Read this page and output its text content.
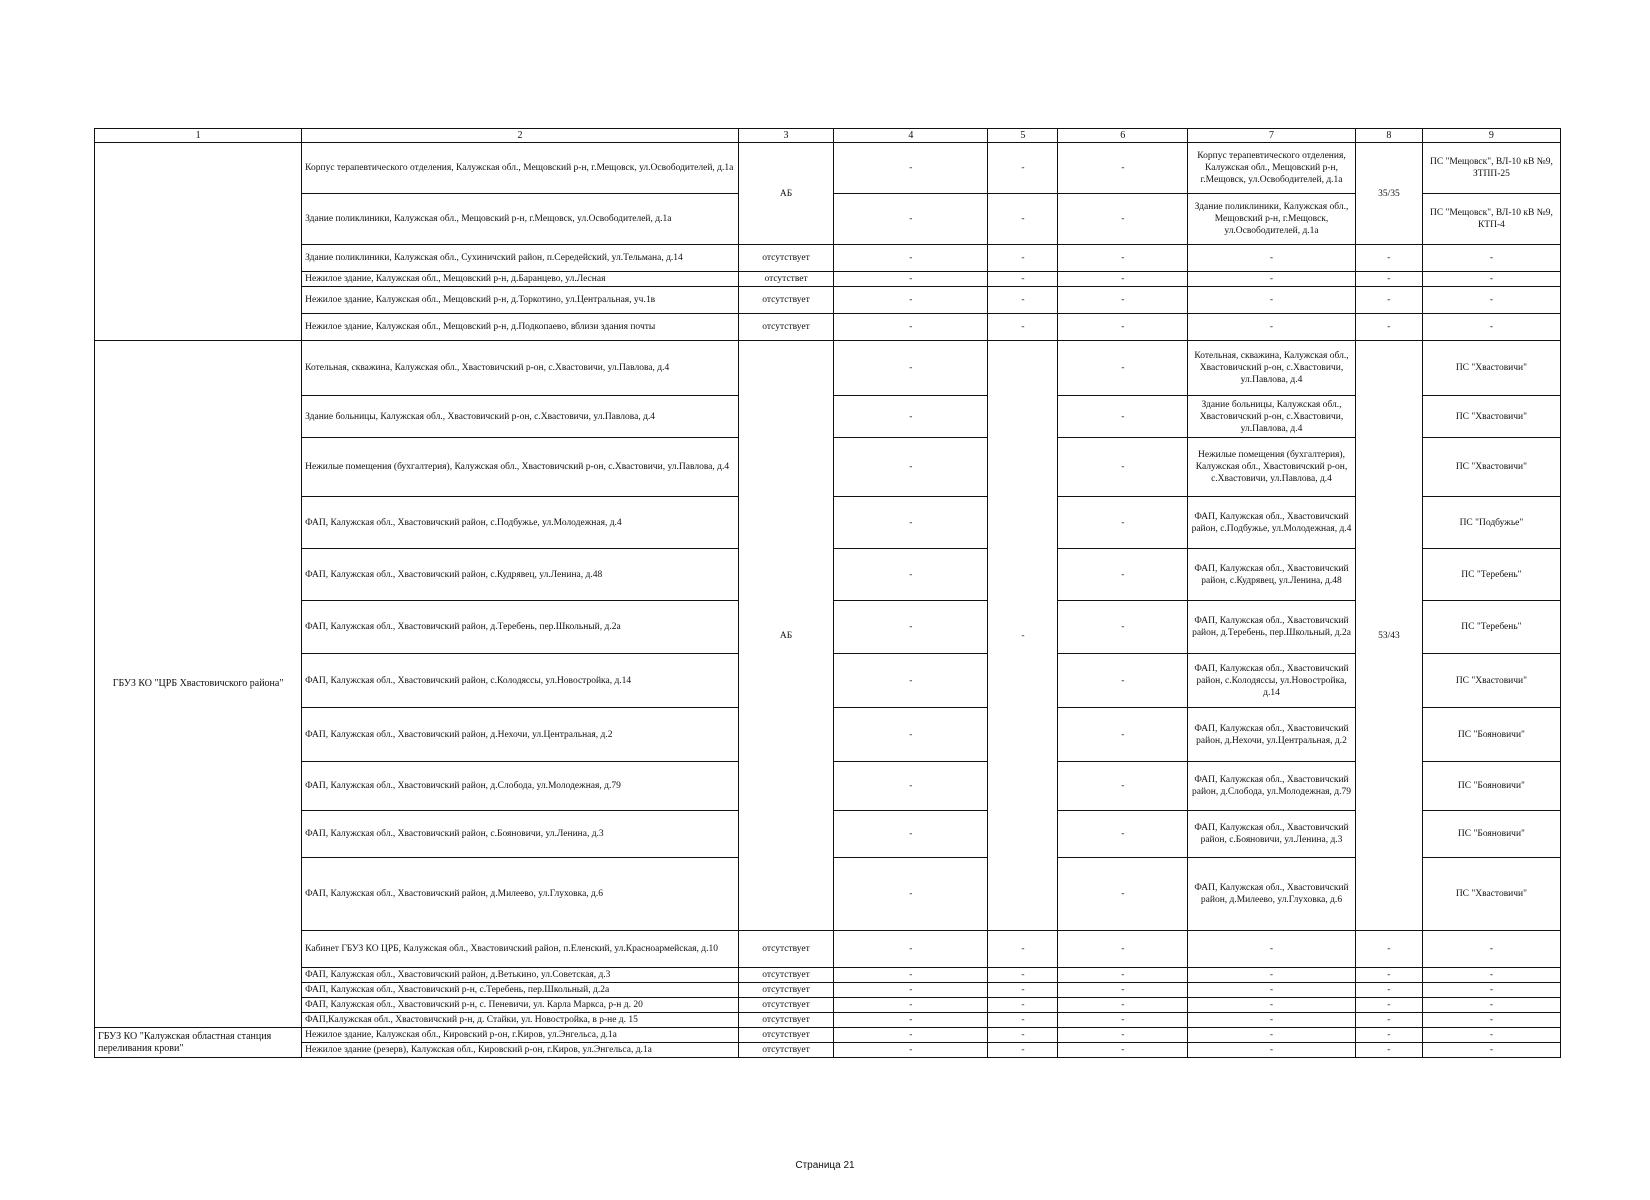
1	2	3	4	5	6	7	8	9
	Корпус терапевтического отделения, Калужская обл., Мещовский р-н, г.Мещовск, ул.Освободителей, д.1а	АБ	-	-	-	Корпус терапевтического отделения, Калужская обл., Мещовский р-н, г.Мещовск, ул.Освободителей, д.1а	35/35	ПС "Мещовск", ВЛ-10 кВ №9, ЗТПП-25
	Здание поликлиники, Калужская обл., Мещовский р-н, г.Мещовск, ул.Освободителей, д.1а		-	-	-	Здание поликлиники, Калужская обл., Мещовский р-н, г.Мещовск, ул.Освободителей, д.1а		ПС "Мещовск", ВЛ-10 кВ №9, КТП-4
	Здание поликлиники, Калужская обл., Сухиничский район, п.Середейский, ул.Тельмана, д.14	отсутствует	-	-	-	-	-	-
	Нежилое здание, Калужская обл., Мещовский р-н, д.Баранцево, ул.Лесная	отсутствет	-	-	-	-	-	-
	Нежилое здание, Калужская обл., Мещовский р-н, д.Торкотино, ул.Центральная, уч.1в	отсутствует	-	-	-	-	-	-
	Нежилое здание, Калужская обл., Мещовский р-н, д.Подкопаево, вблизи здания почты	отсутствует	-	-	-	-	-	-
ГБУЗ КО "ЦРБ Хвастовичского района"	Котельная, скважина, Калужская обл., Хвастовичский р-он, с.Хвастовичи, ул.Павлова, д.4	АБ	-	-	-	Котельная, скважина, Калужская обл., Хвастовичский р-он, с.Хвастовичи, ул.Павлова, д.4	53/43	ПС "Хвастовичи"
	Здание больницы, Калужская обл., Хвастовичский р-он, с.Хвастовичи, ул.Павлова, д.4		-		-	Здание больницы, Калужская обл., Хвастовичский р-он, с.Хвастовичи, ул.Павлова, д.4		ПС "Хвастовичи"
	Нежилые помещения (бухгалтерия), Калужская обл., Хвастовичский р-он, с.Хвастовичи, ул.Павлова, д.4		-		-	Нежилые помещения (бухгалтерия), Калужская обл., Хвастовичский р-он, с.Хвастовичи, ул.Павлова, д.4		ПС "Хвастовичи"
	ФАП, Калужская обл., Хвастовичский район, с.Подбужье, ул.Молодежная, д.4		-		-	ФАП, Калужская обл., Хвастовичский район, с.Подбужье, ул.Молодежная, д.4		ПС "Подбужье"
	ФАП, Калужская обл., Хвастовичский район, с.Кудрявец, ул.Ленина, д.48		-		-	ФАП, Калужская обл., Хвастовичский район, с.Кудрявец, ул.Ленина, д.48		ПС "Теребень"
	ФАП, Калужская обл., Хвастовичский район, д.Теребень, пер.Школьный, д.2а		-		-	ФАП, Калужская обл., Хвастовичский район, д.Теребень, пер.Школьный, д.2а		ПС "Теребень"
	ФАП, Калужская обл., Хвастовичский район, с.Колодяссы, ул.Новостройка, д.14		-		-	ФАП, Калужская обл., Хвастовичский район, с.Колодяссы, ул.Новостройка, д.14		ПС "Хвастовичи"
	ФАП, Калужская обл., Хвастовичский район, д.Нехочи, ул.Центральная, д.2		-		-	ФАП, Калужская обл., Хвастовичский район, д.Нехочи, ул.Центральная, д.2		ПС "Бояновичи"
	ФАП, Калужская обл., Хвастовичский район, д.Слобода, ул.Молодежная, д.79		-		-	ФАП, Калужская обл., Хвастовичский район, д.Слобода, ул.Молодежная, д.79		ПС "Бояновичи"
	ФАП, Калужская обл., Хвастовичский район, с.Бояновичи, ул.Ленина, д.3		-		-	ФАП, Калужская обл., Хвастовичский район, с.Бояновичи, ул.Ленина, д.3		ПС "Бояновичи"
	ФАП, Калужская обл., Хвастовичский район, д.Милеево, ул.Глуховка, д.6		-		-	ФАП, Калужская обл., Хвастовичский район, д.Милеево, ул.Глуховка, д.6		ПС "Хвастовичи"
	Кабинет ГБУЗ КО ЦРБ, Калужская обл., Хвастовичский район, п.Еленский, ул.Красноармейская, д.10	отсутствует	-	-	-	-	-	-
	ФАП, Калужская обл., Хвастовичский район, д.Ветькино, ул.Советская, д.3	отсутствует	-	-	-	-	-	-
	ФАП, Калужская обл., Хвастовичский р-н, с.Теребень, пер.Школьный, д.2а	отсутствует	-	-	-	-	-	-
	ФАП, Калужская обл., Хвастовичский р-н, с. Пеневичи, ул. Карла Маркса, р-н д. 20	отсутствует	-	-	-	-	-	-
	ФАП,Калужская обл., Хвастовичский р-н, д. Стайки, ул. Новостройка, в р-не д. 15	отсутствует	-	-	-	-	-	-
ГБУЗ КО "Калужская областная станция переливания крови"	Нежилое здание, Калужская обл., Кировский р-он, г.Киров, ул.Энгельса, д.1а	отсутствует	-	-	-	-	-	-
	Нежилое здание (резерв), Калужская обл., Кировский р-он, г.Киров, ул.Энгельса, д.1а	отсутствует	-	-	-	-	-	-
Страница 21
